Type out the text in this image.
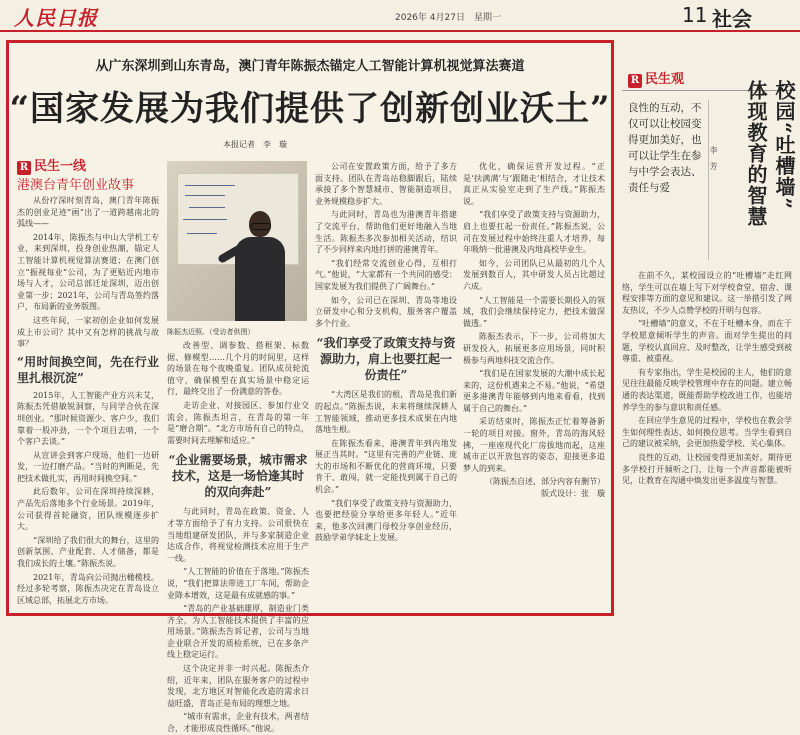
人民日报	2026年 4月27日　星期一	11 社会
从广东深圳到山东青岛，澳门青年陈振杰锚定人工智能计算机视觉算法赛道
“国家发展为我们提供了创新创业沃土”
本报记者　李　璇
R 民生一线
港澳台青年创业故事

从份疗深时刻青岛，澳门青年陈振杰的创业足迹“画”出了一道跨越南北的弧线——

2014年，陈振杰与中山大学机工专业，来到深圳，投身创业热潮，锚定人工智能计算机视觉算法赛道；在澳门创立“振视每业”公司，为了更贴近内地市场与人才，公司总部迁址深圳，迈出创业第一步；2021年，公司与青岛签约落户，布局新的业务版图。

这些年间，一家初创企业如何发展成上市公司？其中又有怎样的挑战与故事？

“用时间换空间，先在行业里扎根沉淀”

2015年，人工智能产业方兴未艾，陈振杰凭借敏锐洞察，与同学合伙在深圳创业。“那时候资源少、客户少，我们靠着一股冲劲，一个个项目去啃，一个个客户去谈。”

从宣讲会到客户现场，他们一边研发，一边打磨产品。“当时的判断是，先把技术做扎实，再用时间换空间。”

此后数年，公司在深圳持续深耕，产品先后落地多个行业场景。2019年，公司获得首轮融资，团队规模逐步扩大。

“深圳给了我们很大的舞台，这里的创新氛围、产业配套、人才储备，都是我们成长的土壤。”陈振杰说。

2021年，青岛向公司抛出橄榄枝。经过多轮考察，陈振杰决定在青岛设立区域总部，拓展北方市场。

陈振杰近照。（受访者供图）

改善型、调参数、搭框架、标数据、修模型……几个月的时间里，这样的场景在每个夜晚重复。团队成员轮流值守，确保模型在真实场景中稳定运行，最终交出了一份满意的答卷。

走访企业、对接园区、参加行业交流会，陈振杰坦言，在青岛的第一年是“磨合期”。“北方市场有自己的特点，需要时间去理解和适应。”

“企业需要场景，城市需求技术，这是一场恰逢其时的双向奔赴”

与此同时，青岛在政策、资金、人才等方面给予了有力支持。公司很快在当地组建研发团队，并与多家制造企业达成合作，将视觉检测技术应用于生产一线。

“人工智能的价值在于落地。”陈振杰说，“我们把算法带进工厂车间，帮助企业降本增效，这是最有成就感的事。”

“青岛的产业基础雄厚，制造业门类齐全，为人工智能技术提供了丰富的应用场景。”陈振杰告诉记者，公司与当地企业联合开发的质检系统，已在多条产线上稳定运行。

这个决定并非一时兴起。陈振杰介绍，近年来，团队在服务客户的过程中发现，北方地区对智能化改造的需求日益旺盛，青岛正是布局的理想之地。

“城市有需求，企业有技术，两者结合，才能形成良性循环。”他说。

公司在安置政策方面，给予了多方面支持。团队在青岛站稳脚跟后，陆续承接了多个智慧城市、智能制造项目，业务规模稳步扩大。

与此同时，青岛也为港澳青年搭建了交流平台，帮助他们更好地融入当地生活。陈振杰多次参加相关活动，结识了不少同样来内地打拼的港澳青年。

“我们经常交流创业心得，互相打气。”他说，“大家都有一个共同的感受：国家发展为我们提供了广阔舞台。”

如今，公司已在深圳、青岛等地设立研发中心和分支机构，服务客户覆盖多个行业。

“我们享受了政策支持与资源助力，肩上也要扛起一份责任”

“大湾区是我们的根，青岛是我们新的起点。”陈振杰说，未来将继续深耕人工智能领域，推动更多技术成果在内地落地生根。

在陈振杰看来，港澳青年到内地发展正当其时。“这里有完善的产业链、庞大的市场和不断优化的营商环境，只要肯干、敢闯，就一定能找到属于自己的机会。”

“我们享受了政策支持与资源助力，也要把经验分享给更多年轻人。”近年来，他多次回澳门母校分享创业经历，鼓励学弟学妹北上发展。

优化，确保运营开发过程。“正是‘扶满满’与‘跟随走’相结合，才让技术真正从实验室走到了生产线。”陈振杰说。

“我们享受了政策支持与资源助力，肩上也要扛起一份责任。”陈振杰说，公司在发展过程中始终注重人才培养，每年吸纳一批港澳及内地高校毕业生。

如今，公司团队已从最初的几个人发展到数百人，其中研发人员占比超过六成。

“人工智能是一个需要长期投入的领域，我们会继续保持定力，把技术做深做透。”

陈振杰表示，下一步，公司将加大研发投入，拓展更多应用场景，同时积极参与两地科技交流合作。

“我们是在国家发展的大潮中成长起来的，这份机遇来之不易。”他说，“希望更多港澳青年能够到内地来看看，找到属于自己的舞台。”

采访结束时，陈振杰正忙着筹备新一轮的项目对接。窗外，青岛的海风轻拂，一座座现代化厂房拔地而起，这座城市正以开放包容的姿态，迎接更多追梦人的到来。

（陈振杰自述，部分内容有删节）
版式设计：张　璇
R 民生观
良性的互动，不仅可以让校园变得更加美好，也可以让学生在参与中学会表达、责任与爱
李　芳	校园“吐槽墙”
体现教育的智慧

在前不久，某校园设立的“吐槽墙”走红网络，学生可以在墙上写下对学校食堂、宿舍、课程安排等方面的意见和建议。这一举措引发了网友热议，不少人点赞学校的开明与包容。

“吐槽墙”的意义，不在于吐槽本身，而在于学校愿意倾听学生的声音。面对学生提出的问题，学校认真回应、及时整改，让学生感受到被尊重、被重视。

有专家指出，学生是校园的主人，他们的意见往往最能反映学校管理中存在的问题。建立畅通的表达渠道，既能帮助学校改进工作，也能培养学生的参与意识和责任感。

在回应学生意见的过程中，学校也在教会学生如何理性表达、如何换位思考。当学生看到自己的建议被采纳，会更加热爱学校、关心集体。

良性的互动，让校园变得更加美好。期待更多学校打开倾听之门，让每一个声音都能被听见，让教育在沟通中焕发出更多温度与智慧。
